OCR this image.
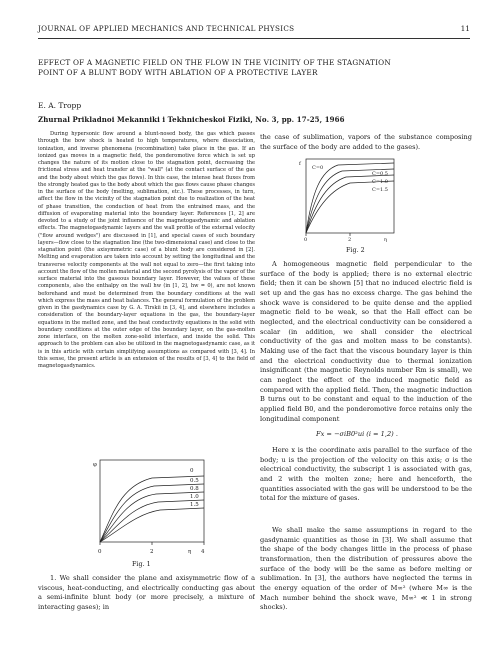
JOURNAL OF APPLIED MECHANICS AND TECHNICAL PHYSICS	11
EFFECT OF A MAGNETIC FIELD ON THE FLOW IN THE VICINITY OF THE STAGNATION POINT OF A BLUNT BODY WITH ABLATION OF A PROTECTIVE LAYER
E. A. Tropp
Zhurnal Prikladnoi Mekanniki i Tekhnicheskoi Fiziki, No. 3, pp. 17-25, 1966

During hypersonic flow around a blunt-nosed body, the gas which passes through the bow shock is heated to high temperatures, where dissociation, ionization, and inverse phenomena (recombination) take place in the gas. If an ionized gas moves in a magnetic field, the ponderomotive force which is set up changes the nature of its motion close to the stagnation point, decreasing the frictional stress and heat transfer at the "wall" (at the contact surface of the gas and the body about which the gas flows). In this case, the intense heat fluxes from the strongly heated gas to the body about which the gas flows cause phase changes in the surface of the body (melting, sublimation, etc.). These processes, in turn, affect the flow in the vicinity of the stagnation point due to realization of the heat of phase transition, the conduction of heat from the entrained mass, and the diffusion of evaporating material into the boundary layer. References [1, 2] are devoted to a study of the joint influence of the magnetogasdynamic and ablation effects. The magnetogasdynamic layers and the wall profile of the external velocity ("flow around wedges") are discussed in [1], and special cases of such boundary layers—flow close to the stagnation line (the two-dimensional case) and close to the stagnation point (the axisymmetric case) of a blunt body are considered in [2]. Melting and evaporation are taken into account by setting the longitudinal and the transverse velocity components at the wall not equal to zero—the first taking into account the flow of the molten material and the second pyrolysis of the vapor of the surface material into the gaseous boundary layer. However, the values of these components, also the enthalpy on the wall hw (in [1, 2], hw = 0), are not known beforehand and must be determined from the boundary conditions at the wall which express the mass and heat balances. The general formulation of the problem given in the gasdynamics case by G. A. Tirskii in [3, 4], and elsewhere includes a consideration of the boundary-layer equations in the gas, the boundary-layer equations in the melted zone, and the heat conductivity equations in the solid with boundary conditions at the outer edge of the boundary layer, on the gas-molten zone interface, on the molten zone-solid interface, and inside the solid. This approach to the problem can also be utilized in the magnetogasdynamic case, as it is in this article with certain simplifying assumptions as compared with [3, 4]. In this sense, the present article is an extension of the results of [3, 4] to the field of magnetogasdynamics.

φ
η
0	2	4
0
0.5
0.8
1.0
1.5
Fig. 1

1. We shall consider the plane and axisymmetric flow of a viscous, heat-conducting, and electrically conducting gas about a semi-infinite blunt body (or more precisely, a mixture of interacting gases); in

the case of sublimation, vapors of the substance composing the surface of the body are added to the gases).

f
η
0	2
C=0
C=0.5
C=1.0
C=1.5
Fig. 2

A homogeneous magnetic field perpendicular to the surface of the body is applied; there is no external electric field; then it can be shown [5] that no induced electric field is set up and the gas has no excess charge. The gas behind the shock wave is considered to be quite dense and the applied magnetic field to be weak, so that the Hall effect can be neglected, and the electrical conductivity can be considered a scalar (in addition, we shall consider the electrical conductivity of the gas and molten mass to be constants). Making use of the fact that the viscous boundary layer is thin and the electrical conductivity due to thermal ionization insignificant (the magnetic Reynolds number Rm is small), we can neglect the effect of the induced magnetic field as compared with the applied field. Then, the magnetic induction B turns out to be constant and equal to the induction of the applied field B0, and the ponderomotive force retains only the longitudinal component

Fx = −σiB0²ui (i = 1,2) .

Here x is the coordinate axis parallel to the surface of the body; u is the projection of the velocity on this axis; σ is the electrical conductivity, the subscript 1 is associated with gas, and 2 with the molten zone; here and henceforth, the quantities associated with the gas will be understood to be the total for the mixture of gases.

We shall make the same assumptions in regard to the gasdynamic quantities as those in [3]. We shall assume that the shape of the body changes little in the process of phase transformation, then the distribution of pressures above the surface of the body will be the same as before melting or sublimation. In [3], the authors have neglected the terms in the energy equation of the order of M∞² (where M∞ is the Mach number behind the shock wave, M∞² ≪ 1 in strong shocks).
